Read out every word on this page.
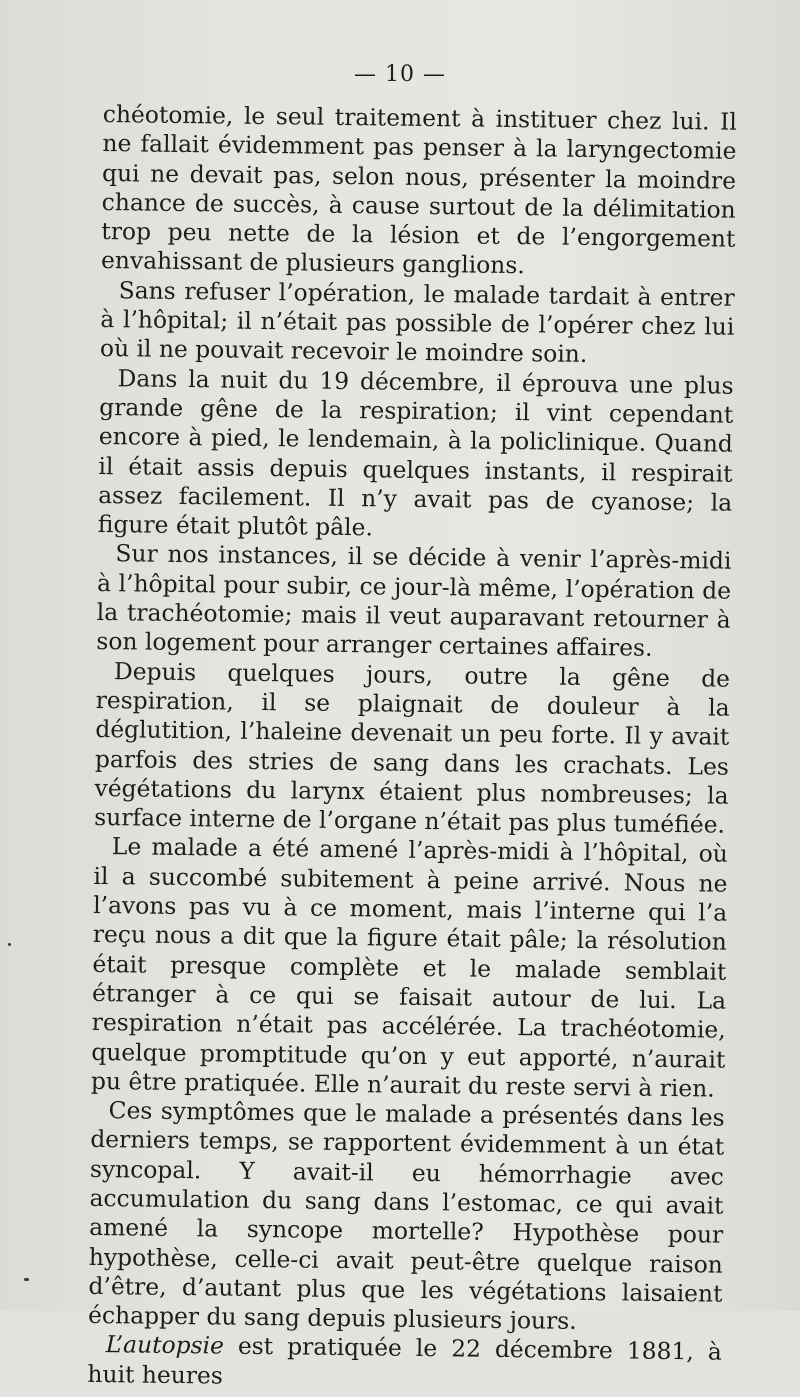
— 10 —

chéotomie, le seul traitement à instituer chez lui. Il ne fallait évidemment pas penser à la laryngectomie qui ne devait pas, selon nous, présenter la moindre chance de succès, à cause surtout de la délimitation trop peu nette de la lésion et de l’engorgement envahissant de plusieurs ganglions.

Sans refuser l’opération, le malade tardait à entrer à l’hôpital; il n’était pas possible de l’opérer chez lui où il ne pouvait recevoir le moindre soin.

Dans la nuit du 19 décembre, il éprouva une plus grande gêne de la respiration; il vint cependant encore à pied, le lendemain, à la policlinique. Quand il était assis depuis quelques instants, il respirait assez facilement. Il n’y avait pas de cyanose; la figure était plutôt pâle.

Sur nos instances, il se décide à venir l’après-midi à l’hôpital pour subir, ce jour-là même, l’opération de la trachéotomie; mais il veut auparavant retourner à son logement pour arranger certaines affaires.

Depuis quelques jours, outre la gêne de respiration, il se plaignait de douleur à la déglutition, l’haleine devenait un peu forte. Il y avait parfois des stries de sang dans les crachats. Les végétations du larynx étaient plus nombreuses; la surface interne de l’organe n’était pas plus tuméfiée.

Le malade a été amené l’après-midi à l’hôpital, où il a succombé subitement à peine arrivé. Nous ne l’avons pas vu à ce moment, mais l’interne qui l’a reçu nous a dit que la figure était pâle; la résolution était presque complète et le malade semblait étranger à ce qui se faisait autour de lui. La respiration n’était pas accélérée. La trachéotomie, quelque promptitude qu’on y eut apporté, n’aurait pu être pratiquée. Elle n’aurait du reste servi à rien.

Ces symptômes que le malade a présentés dans les derniers temps, se rapportent évidemment à un état syncopal. Y avait-il eu hémorrhagie avec accumulation du sang dans l’estomac, ce qui avait amené la syncope mortelle? Hypothèse pour hypothèse, celle-ci avait peut-être quelque raison d’être, d’autant plus que les végétations laisaient échapper du sang depuis plusieurs jours.

L’autopsie est pratiquée le 22 décembre 1881, à huit heures
